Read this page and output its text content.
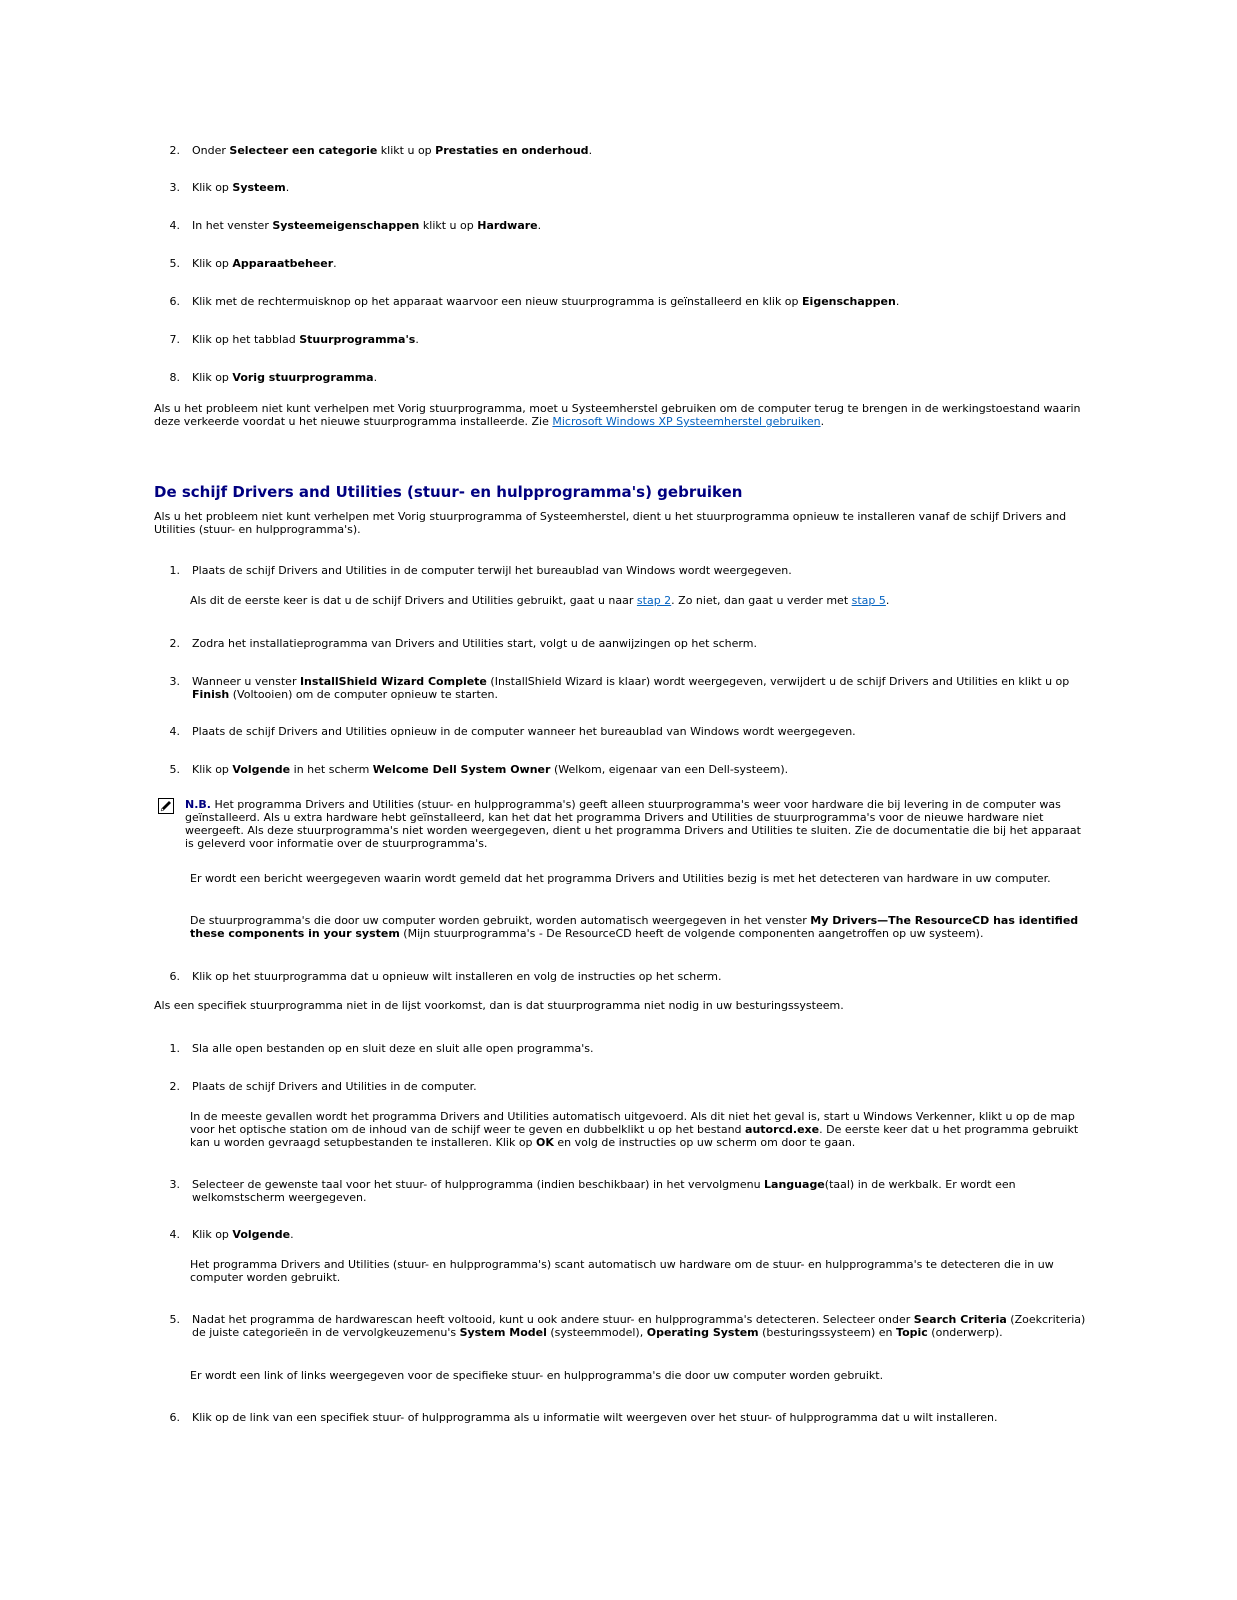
2. Onder Selecteer een categorie klikt u op Prestaties en onderhoud.
3. Klik op Systeem.
4. In het venster Systeemeigenschappen klikt u op Hardware.
5. Klik op Apparaatbeheer.
6. Klik met de rechtermuisknop op het apparaat waarvoor een nieuw stuurprogramma is geïnstalleerd en klik op Eigenschappen.
7. Klik op het tabblad Stuurprogramma's.
8. Klik op Vorig stuurprogramma.
Als u het probleem niet kunt verhelpen met Vorig stuurprogramma, moet u Systeemherstel gebruiken om de computer terug te brengen in de werkingstoestand waarin deze verkeerde voordat u het nieuwe stuurprogramma installeerde. Zie Microsoft Windows XP Systeemherstel gebruiken.
De schijf Drivers and Utilities (stuur- en hulpprogramma's) gebruiken
Als u het probleem niet kunt verhelpen met Vorig stuurprogramma of Systeemherstel, dient u het stuurprogramma opnieuw te installeren vanaf de schijf Drivers and Utilities (stuur- en hulpprogramma's).
1. Plaats de schijf Drivers and Utilities in de computer terwijl het bureaublad van Windows wordt weergegeven.
Als dit de eerste keer is dat u de schijf Drivers and Utilities gebruikt, gaat u naar stap 2. Zo niet, dan gaat u verder met stap 5.
2. Zodra het installatieprogramma van Drivers and Utilities start, volgt u de aanwijzingen op het scherm.
3. Wanneer u venster InstallShield Wizard Complete (InstallShield Wizard is klaar) wordt weergegeven, verwijdert u de schijf Drivers and Utilities en klikt u op Finish (Voltooien) om de computer opnieuw te starten.
4. Plaats de schijf Drivers and Utilities opnieuw in de computer wanneer het bureaublad van Windows wordt weergegeven.
5. Klik op Volgende in het scherm Welcome Dell System Owner (Welkom, eigenaar van een Dell-systeem).
N.B. Het programma Drivers and Utilities (stuur- en hulpprogramma's) geeft alleen stuurprogramma's weer voor hardware die bij levering in de computer was geïnstalleerd. Als u extra hardware hebt geïnstalleerd, kan het dat het programma Drivers and Utilities de stuurprogramma's voor de nieuwe hardware niet weergeeft. Als deze stuurprogramma's niet worden weergegeven, dient u het programma Drivers and Utilities te sluiten. Zie de documentatie die bij het apparaat is geleverd voor informatie over de stuurprogramma's.
Er wordt een bericht weergegeven waarin wordt gemeld dat het programma Drivers and Utilities bezig is met het detecteren van hardware in uw computer.
De stuurprogramma's die door uw computer worden gebruikt, worden automatisch weergegeven in het venster My Drivers—The ResourceCD has identified these components in your system (Mijn stuurprogramma's - De ResourceCD heeft de volgende componenten aangetroffen op uw systeem).
6. Klik op het stuurprogramma dat u opnieuw wilt installeren en volg de instructies op het scherm.
Als een specifiek stuurprogramma niet in de lijst voorkomst, dan is dat stuurprogramma niet nodig in uw besturingssysteem.
1. Sla alle open bestanden op en sluit deze en sluit alle open programma's.
2. Plaats de schijf Drivers and Utilities in de computer.
In de meeste gevallen wordt het programma Drivers and Utilities automatisch uitgevoerd. Als dit niet het geval is, start u Windows Verkenner, klikt u op de map voor het optische station om de inhoud van de schijf weer te geven en dubbelklikt u op het bestand autorcd.exe. De eerste keer dat u het programma gebruikt kan u worden gevraagd setupbestanden te installeren. Klik op OK en volg de instructies op uw scherm om door te gaan.
3. Selecteer de gewenste taal voor het stuur- of hulpprogramma (indien beschikbaar) in het vervolgmenu Language(taal) in de werkbalk. Er wordt een welkomstscherm weergegeven.
4. Klik op Volgende.
Het programma Drivers and Utilities (stuur- en hulpprogramma's) scant automatisch uw hardware om de stuur- en hulpprogramma's te detecteren die in uw computer worden gebruikt.
5. Nadat het programma de hardwarescan heeft voltooid, kunt u ook andere stuur- en hulpprogramma's detecteren. Selecteer onder Search Criteria (Zoekcriteria) de juiste categorieën in de vervolgkeuzemenu's System Model (systeemmodel), Operating System (besturingssysteem) en Topic (onderwerp).
Er wordt een link of links weergegeven voor de specifieke stuur- en hulpprogramma's die door uw computer worden gebruikt.
6. Klik op de link van een specifiek stuur- of hulpprogramma als u informatie wilt weergeven over het stuur- of hulpprogramma dat u wilt installeren.
